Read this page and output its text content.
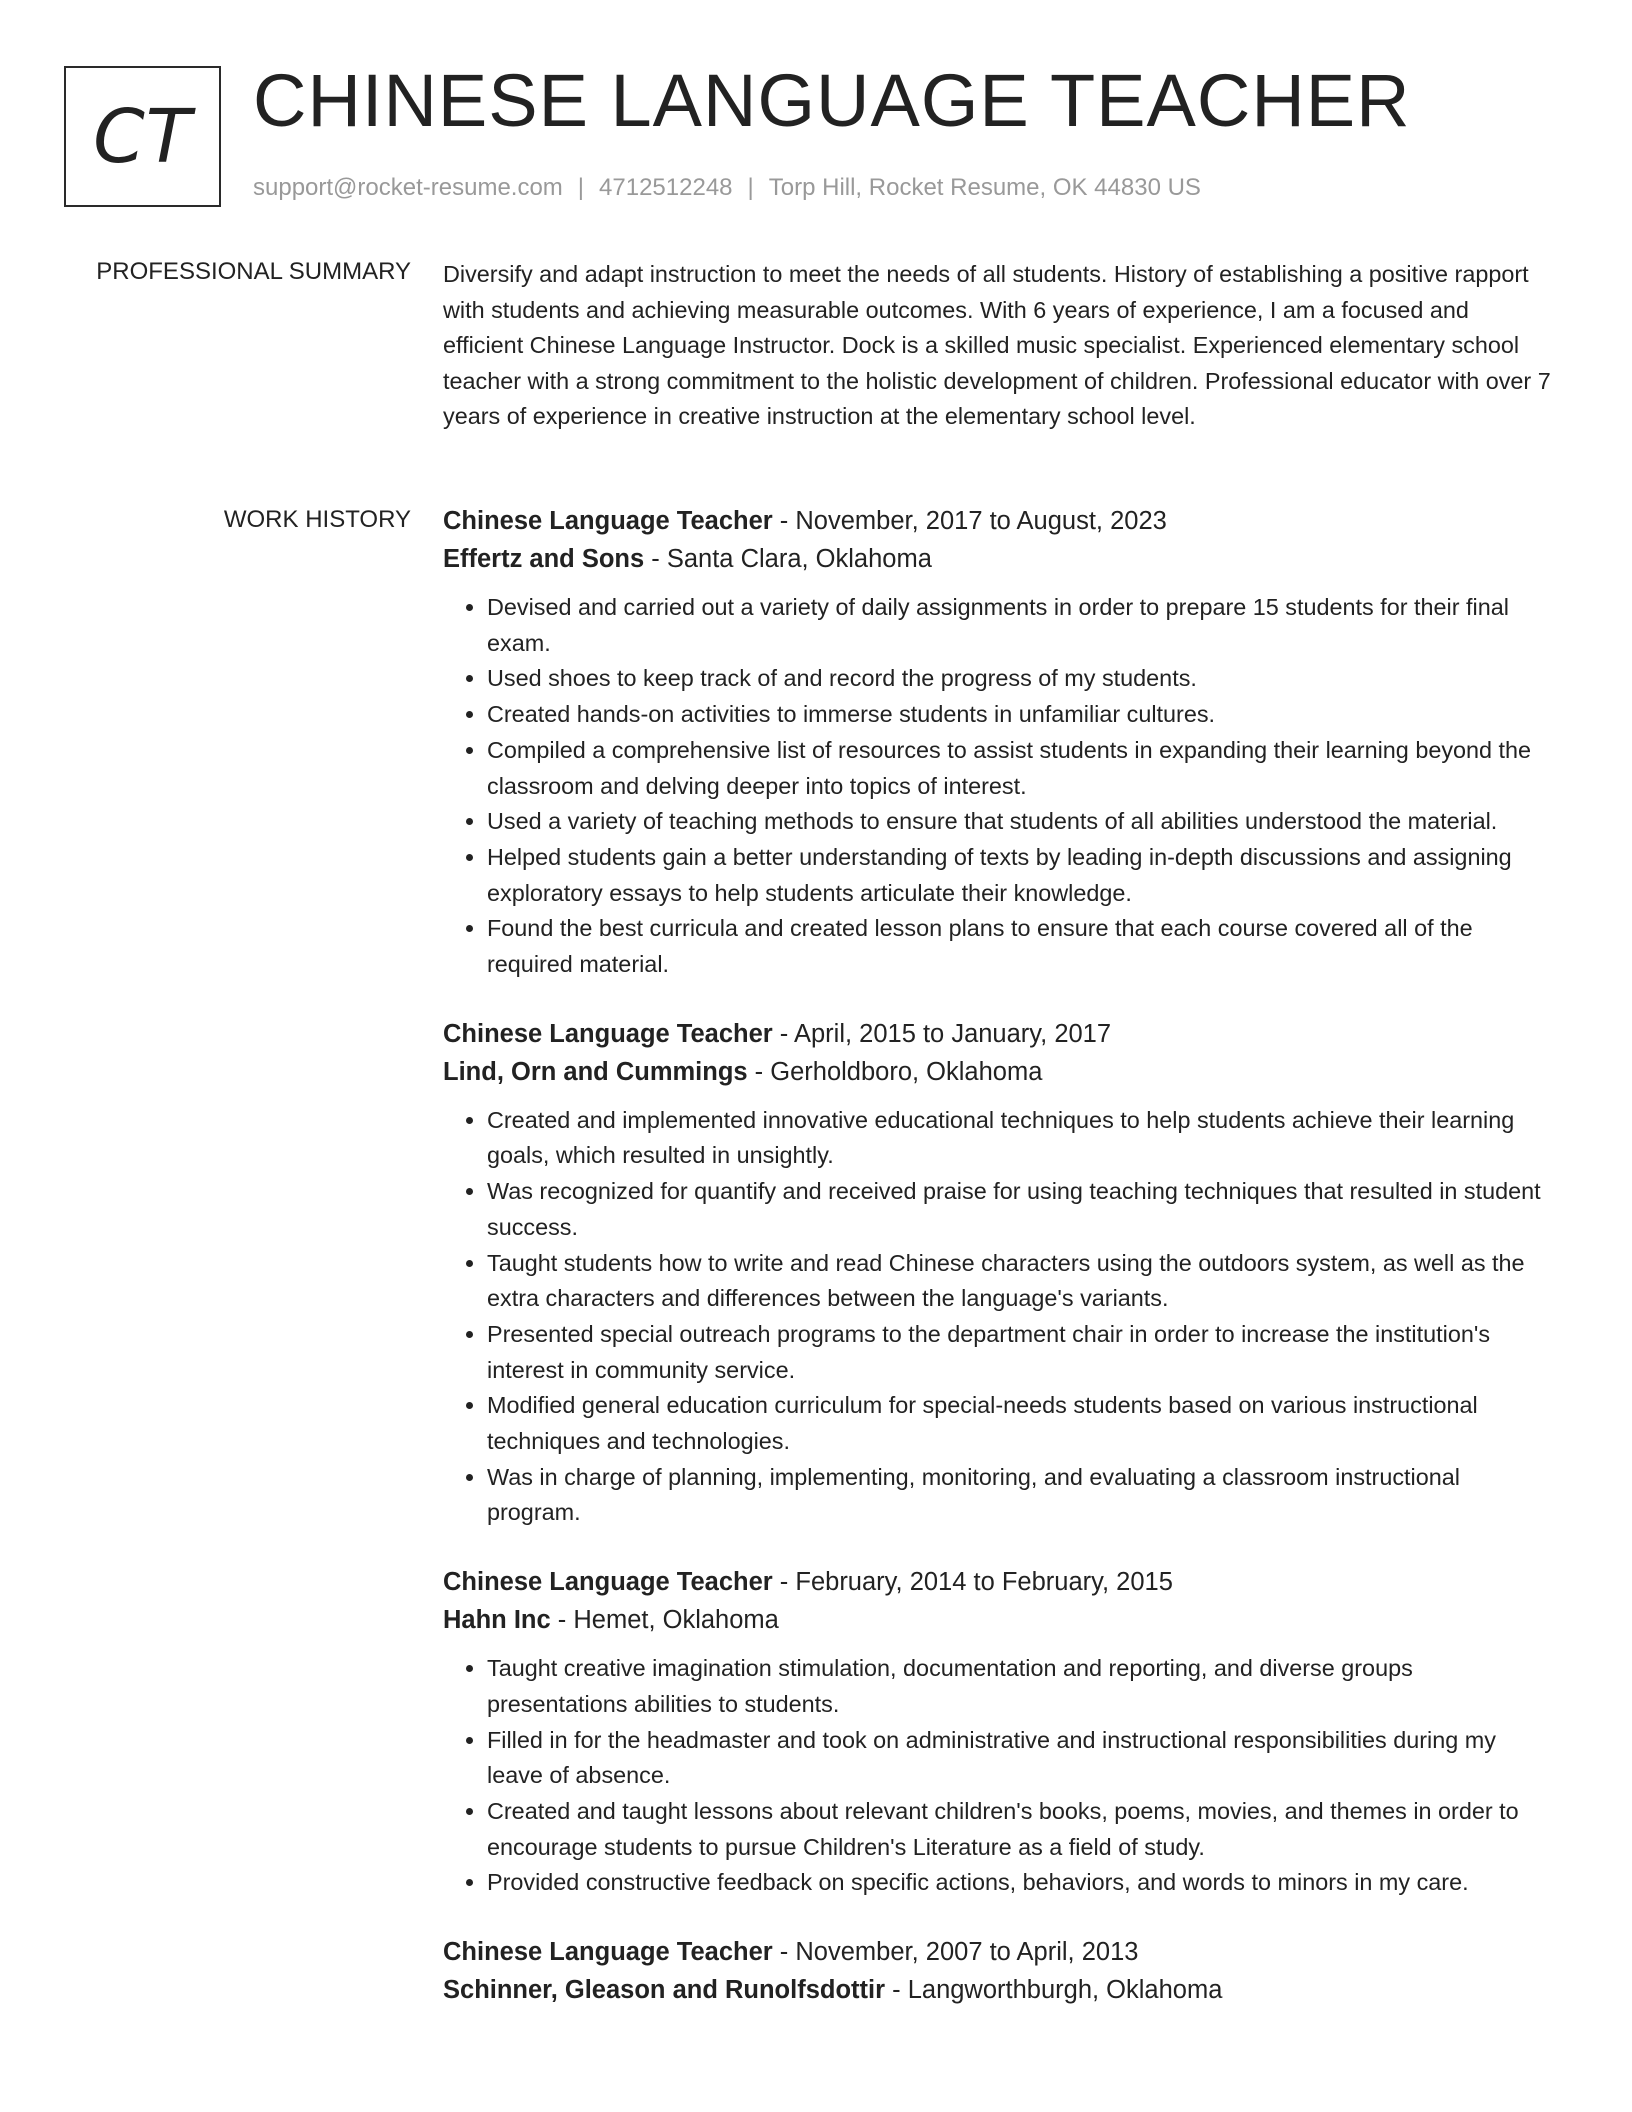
CT CHINESE LANGUAGE TEACHER
support@rocket-resume.com | 4712512248 | Torp Hill, Rocket Resume, OK 44830 US
PROFESSIONAL SUMMARY Diversify and adapt instruction to meet the needs of all students. History of establishing a positive rapport with students and achieving measurable outcomes. With 6 years of experience, I am a focused and efficient Chinese Language Instructor. Dock is a skilled music specialist. Experienced elementary school teacher with a strong commitment to the holistic development of children. Professional educator with over 7 years of experience in creative instruction at the elementary school level.

WORK HISTORY Chinese Language Teacher - November, 2017 to August, 2023
Effertz and Sons - Santa Clara, Oklahoma
• Devised and carried out a variety of daily assignments in order to prepare 15 students for their final exam.
• Used shoes to keep track of and record the progress of my students.
• Created hands-on activities to immerse students in unfamiliar cultures.
• Compiled a comprehensive list of resources to assist students in expanding their learning beyond the classroom and delving deeper into topics of interest.
• Used a variety of teaching methods to ensure that students of all abilities understood the material.
• Helped students gain a better understanding of texts by leading in-depth discussions and assigning exploratory essays to help students articulate their knowledge.
• Found the best curricula and created lesson plans to ensure that each course covered all of the required material.
Chinese Language Teacher - April, 2015 to January, 2017
Lind, Orn and Cummings - Gerholdboro, Oklahoma
• Created and implemented innovative educational techniques to help students achieve their learning goals, which resulted in unsightly.
• Was recognized for quantify and received praise for using teaching techniques that resulted in student success.
• Taught students how to write and read Chinese characters using the outdoors system, as well as the extra characters and differences between the language's variants.
• Presented special outreach programs to the department chair in order to increase the institution's interest in community service.
• Modified general education curriculum for special-needs students based on various instructional techniques and technologies.
• Was in charge of planning, implementing, monitoring, and evaluating a classroom instructional program.
Chinese Language Teacher - February, 2014 to February, 2015
Hahn Inc - Hemet, Oklahoma
• Taught creative imagination stimulation, documentation and reporting, and diverse groups presentations abilities to students.
• Filled in for the headmaster and took on administrative and instructional responsibilities during my leave of absence.
• Created and taught lessons about relevant children's books, poems, movies, and themes in order to encourage students to pursue Children's Literature as a field of study.
• Provided constructive feedback on specific actions, behaviors, and words to minors in my care.
Chinese Language Teacher - November, 2007 to April, 2013
Schinner, Gleason and Runolfsdottir - Langworthburgh, Oklahoma
